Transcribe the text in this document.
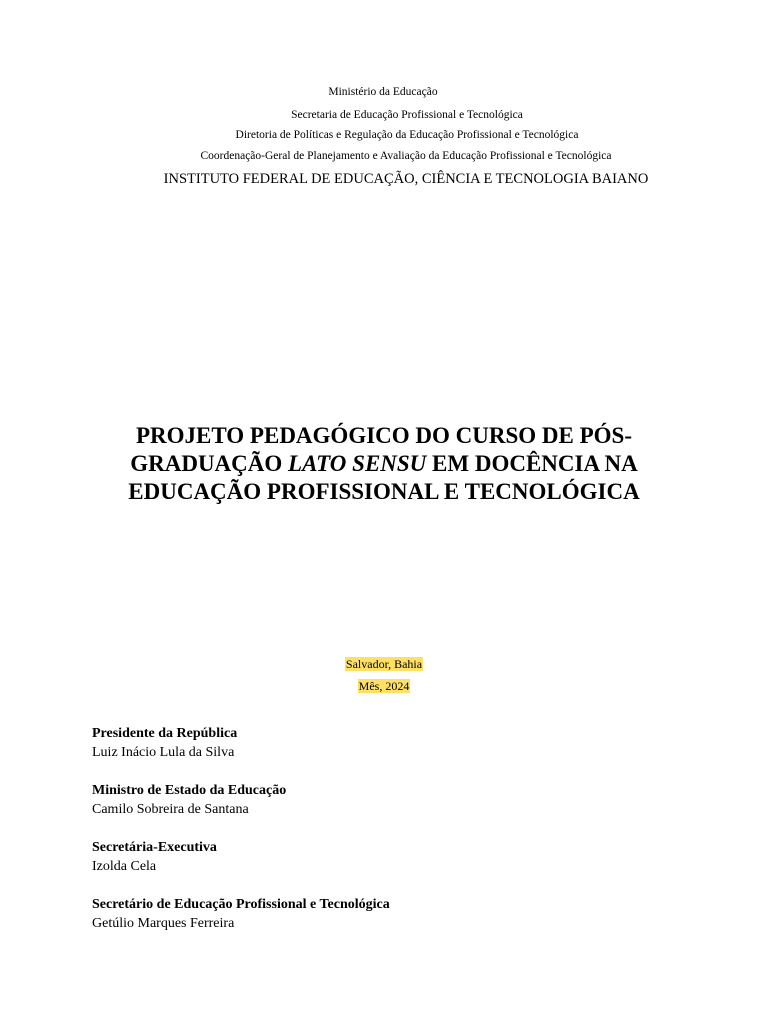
Ministério da Educação
Secretaria de Educação Profissional e Tecnológica
Diretoria de Políticas e Regulação da Educação Profissional e Tecnológica
Coordenação-Geral de Planejamento e Avaliação da Educação Profissional e Tecnológica
INSTITUTO FEDERAL DE EDUCAÇÃO, CIÊNCIA E TECNOLOGIA BAIANO
PROJETO PEDAGÓGICO DO CURSO DE PÓS-
GRADUAÇÃO LATO SENSU EM DOCÊNCIA NA
EDUCAÇÃO PROFISSIONAL E TECNOLÓGICA
Salvador, Bahia
Mês, 2024
Presidente da República
Luiz Inácio Lula da Silva
Ministro de Estado da Educação
Camilo Sobreira de Santana
Secretária-Executiva
Izolda Cela
Secretário de Educação Profissional e Tecnológica
Getúlio Marques Ferreira
